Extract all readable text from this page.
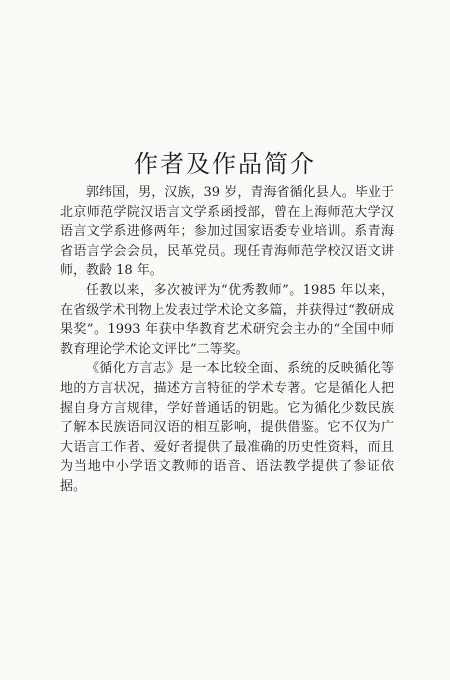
作者及作品简介

郭纬国，男，汉族，39 岁，青海省循化县人。毕业于北京师范学院汉语言文学系函授部，曾在上海师范大学汉语言文学系进修两年；参加过国家语委专业培训。系青海省语言学会会员，民革党员。现任青海师范学校汉语文讲师，教龄 18 年。

任教以来，多次被评为“优秀教师”。1985 年以来，在省级学术刊物上发表过学术论文多篇，并获得过“教研成果奖”。1993 年获中华教育艺术研究会主办的“全国中师教育理论学术论文评比”二等奖。

《循化方言志》是一本比较全面、系统的反映循化等地的方言状况，描述方言特征的学术专著。它是循化人把握自身方言规律，学好普通话的钥匙。它为循化少数民族了解本民族语同汉语的相互影响，提供借鉴。它不仅为广大语言工作者、爱好者提供了最准确的历史性资料，而且为当地中小学语文教师的语音、语法教学提供了参证依据。
